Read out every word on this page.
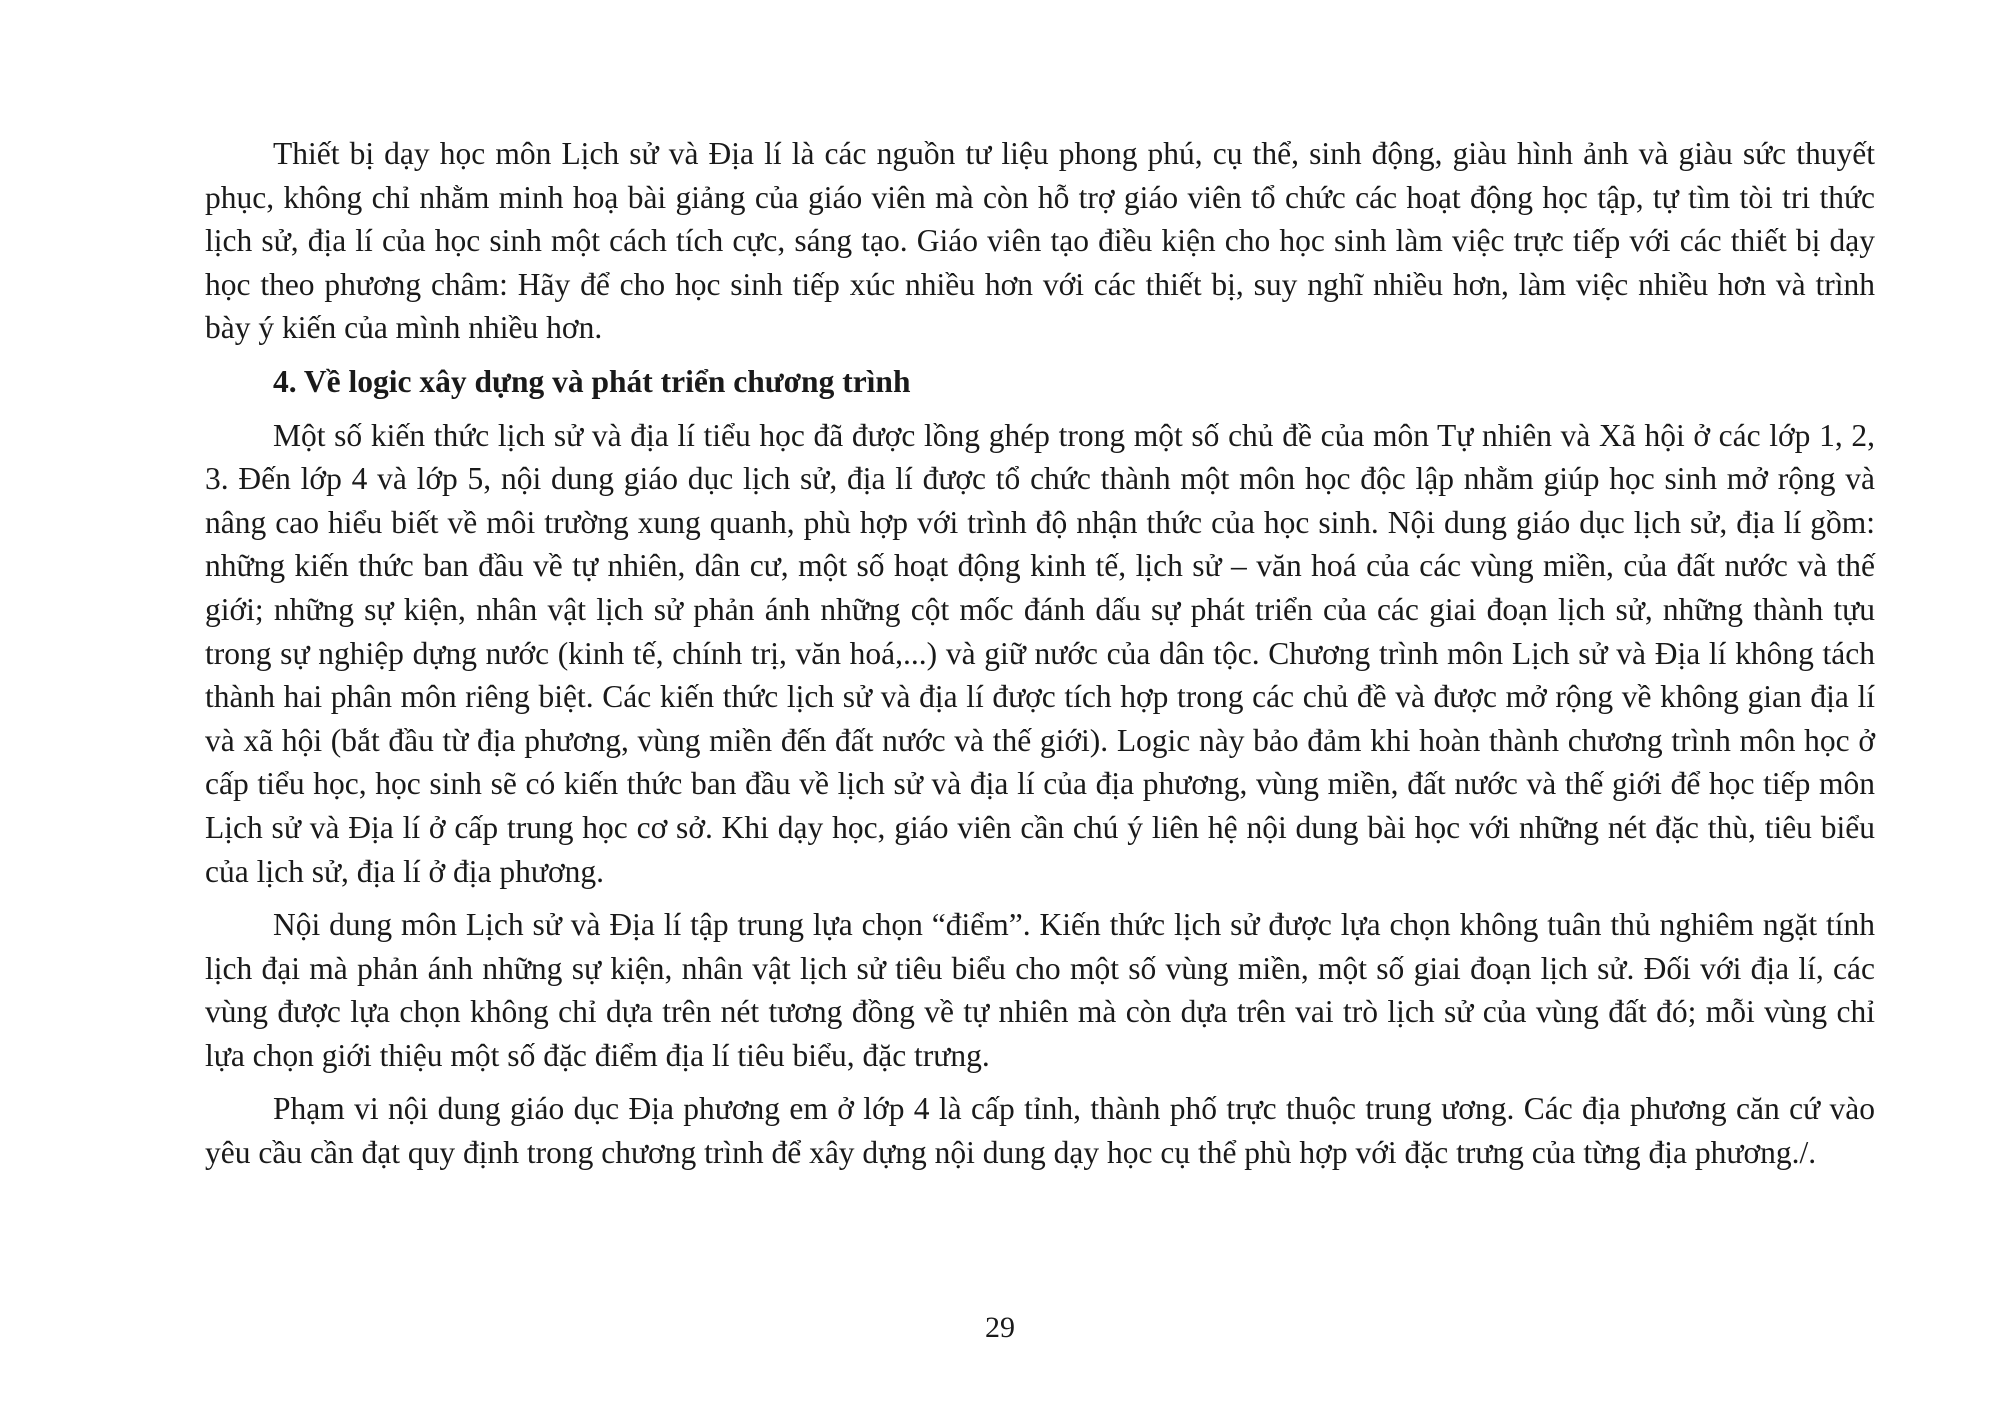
Thiết bị dạy học môn Lịch sử và Địa lí là các nguồn tư liệu phong phú, cụ thể, sinh động, giàu hình ảnh và giàu sức thuyết phục, không chỉ nhằm minh hoạ bài giảng của giáo viên mà còn hỗ trợ giáo viên tổ chức các hoạt động học tập, tự tìm tòi tri thức lịch sử, địa lí của học sinh một cách tích cực, sáng tạo. Giáo viên tạo điều kiện cho học sinh làm việc trực tiếp với các thiết bị dạy học theo phương châm: Hãy để cho học sinh tiếp xúc nhiều hơn với các thiết bị, suy nghĩ nhiều hơn, làm việc nhiều hơn và trình bày ý kiến của mình nhiều hơn.

4. Về logic xây dựng và phát triển chương trình

Một số kiến thức lịch sử và địa lí tiểu học đã được lồng ghép trong một số chủ đề của môn Tự nhiên và Xã hội ở các lớp 1, 2, 3. Đến lớp 4 và lớp 5, nội dung giáo dục lịch sử, địa lí được tổ chức thành một môn học độc lập nhằm giúp học sinh mở rộng và nâng cao hiểu biết về môi trường xung quanh, phù hợp với trình độ nhận thức của học sinh. Nội dung giáo dục lịch sử, địa lí gồm: những kiến thức ban đầu về tự nhiên, dân cư, một số hoạt động kinh tế, lịch sử – văn hoá của các vùng miền, của đất nước và thế giới; những sự kiện, nhân vật lịch sử phản ánh những cột mốc đánh dấu sự phát triển của các giai đoạn lịch sử, những thành tựu trong sự nghiệp dựng nước (kinh tế, chính trị, văn hoá,...) và giữ nước của dân tộc. Chương trình môn Lịch sử và Địa lí không tách thành hai phân môn riêng biệt. Các kiến thức lịch sử và địa lí được tích hợp trong các chủ đề và được mở rộng về không gian địa lí và xã hội (bắt đầu từ địa phương, vùng miền đến đất nước và thế giới). Logic này bảo đảm khi hoàn thành chương trình môn học ở cấp tiểu học, học sinh sẽ có kiến thức ban đầu về lịch sử và địa lí của địa phương, vùng miền, đất nước và thế giới để học tiếp môn Lịch sử và Địa lí ở cấp trung học cơ sở. Khi dạy học, giáo viên cần chú ý liên hệ nội dung bài học với những nét đặc thù, tiêu biểu của lịch sử, địa lí ở địa phương.

Nội dung môn Lịch sử và Địa lí tập trung lựa chọn “điểm”. Kiến thức lịch sử được lựa chọn không tuân thủ nghiêm ngặt tính lịch đại mà phản ánh những sự kiện, nhân vật lịch sử tiêu biểu cho một số vùng miền, một số giai đoạn lịch sử. Đối với địa lí, các vùng được lựa chọn không chỉ dựa trên nét tương đồng về tự nhiên mà còn dựa trên vai trò lịch sử của vùng đất đó; mỗi vùng chỉ lựa chọn giới thiệu một số đặc điểm địa lí tiêu biểu, đặc trưng.

Phạm vi nội dung giáo dục Địa phương em ở lớp 4 là cấp tỉnh, thành phố trực thuộc trung ương. Các địa phương căn cứ vào yêu cầu cần đạt quy định trong chương trình để xây dựng nội dung dạy học cụ thể phù hợp với đặc trưng của từng địa phương./.

29
